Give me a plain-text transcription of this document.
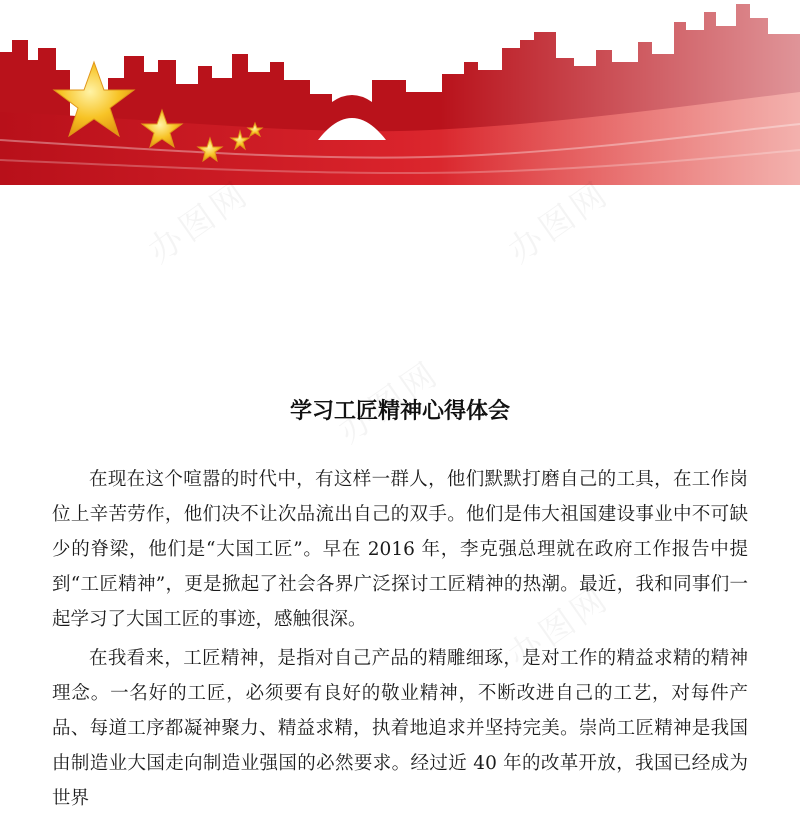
学习工匠精神心得体会

在现在这个喧嚣的时代中，有这样一群人，他们默默打磨自己的工具，在工作岗位上辛苦劳作，他们决不让次品流出自己的双手。他们是伟大祖国建设事业中不可缺少的脊梁，他们是“大国工匠”。早在 2016 年，李克强总理就在政府工作报告中提到“工匠精神”，更是掀起了社会各界广泛探讨工匠精神的热潮。最近，我和同事们一起学习了大国工匠的事迹，感触很深。

在我看来，工匠精神，是指对自己产品的精雕细琢，是对工作的精益求精的精神理念。一名好的工匠，必须要有良好的敬业精神，不断改进自己的工艺，对每件产品、每道工序都凝神聚力、精益求精，执着地追求并坚持完美。崇尚工匠精神是我国由制造业大国走向制造业强国的必然要求。经过近 40 年的改革开放，我国已经成为世界
